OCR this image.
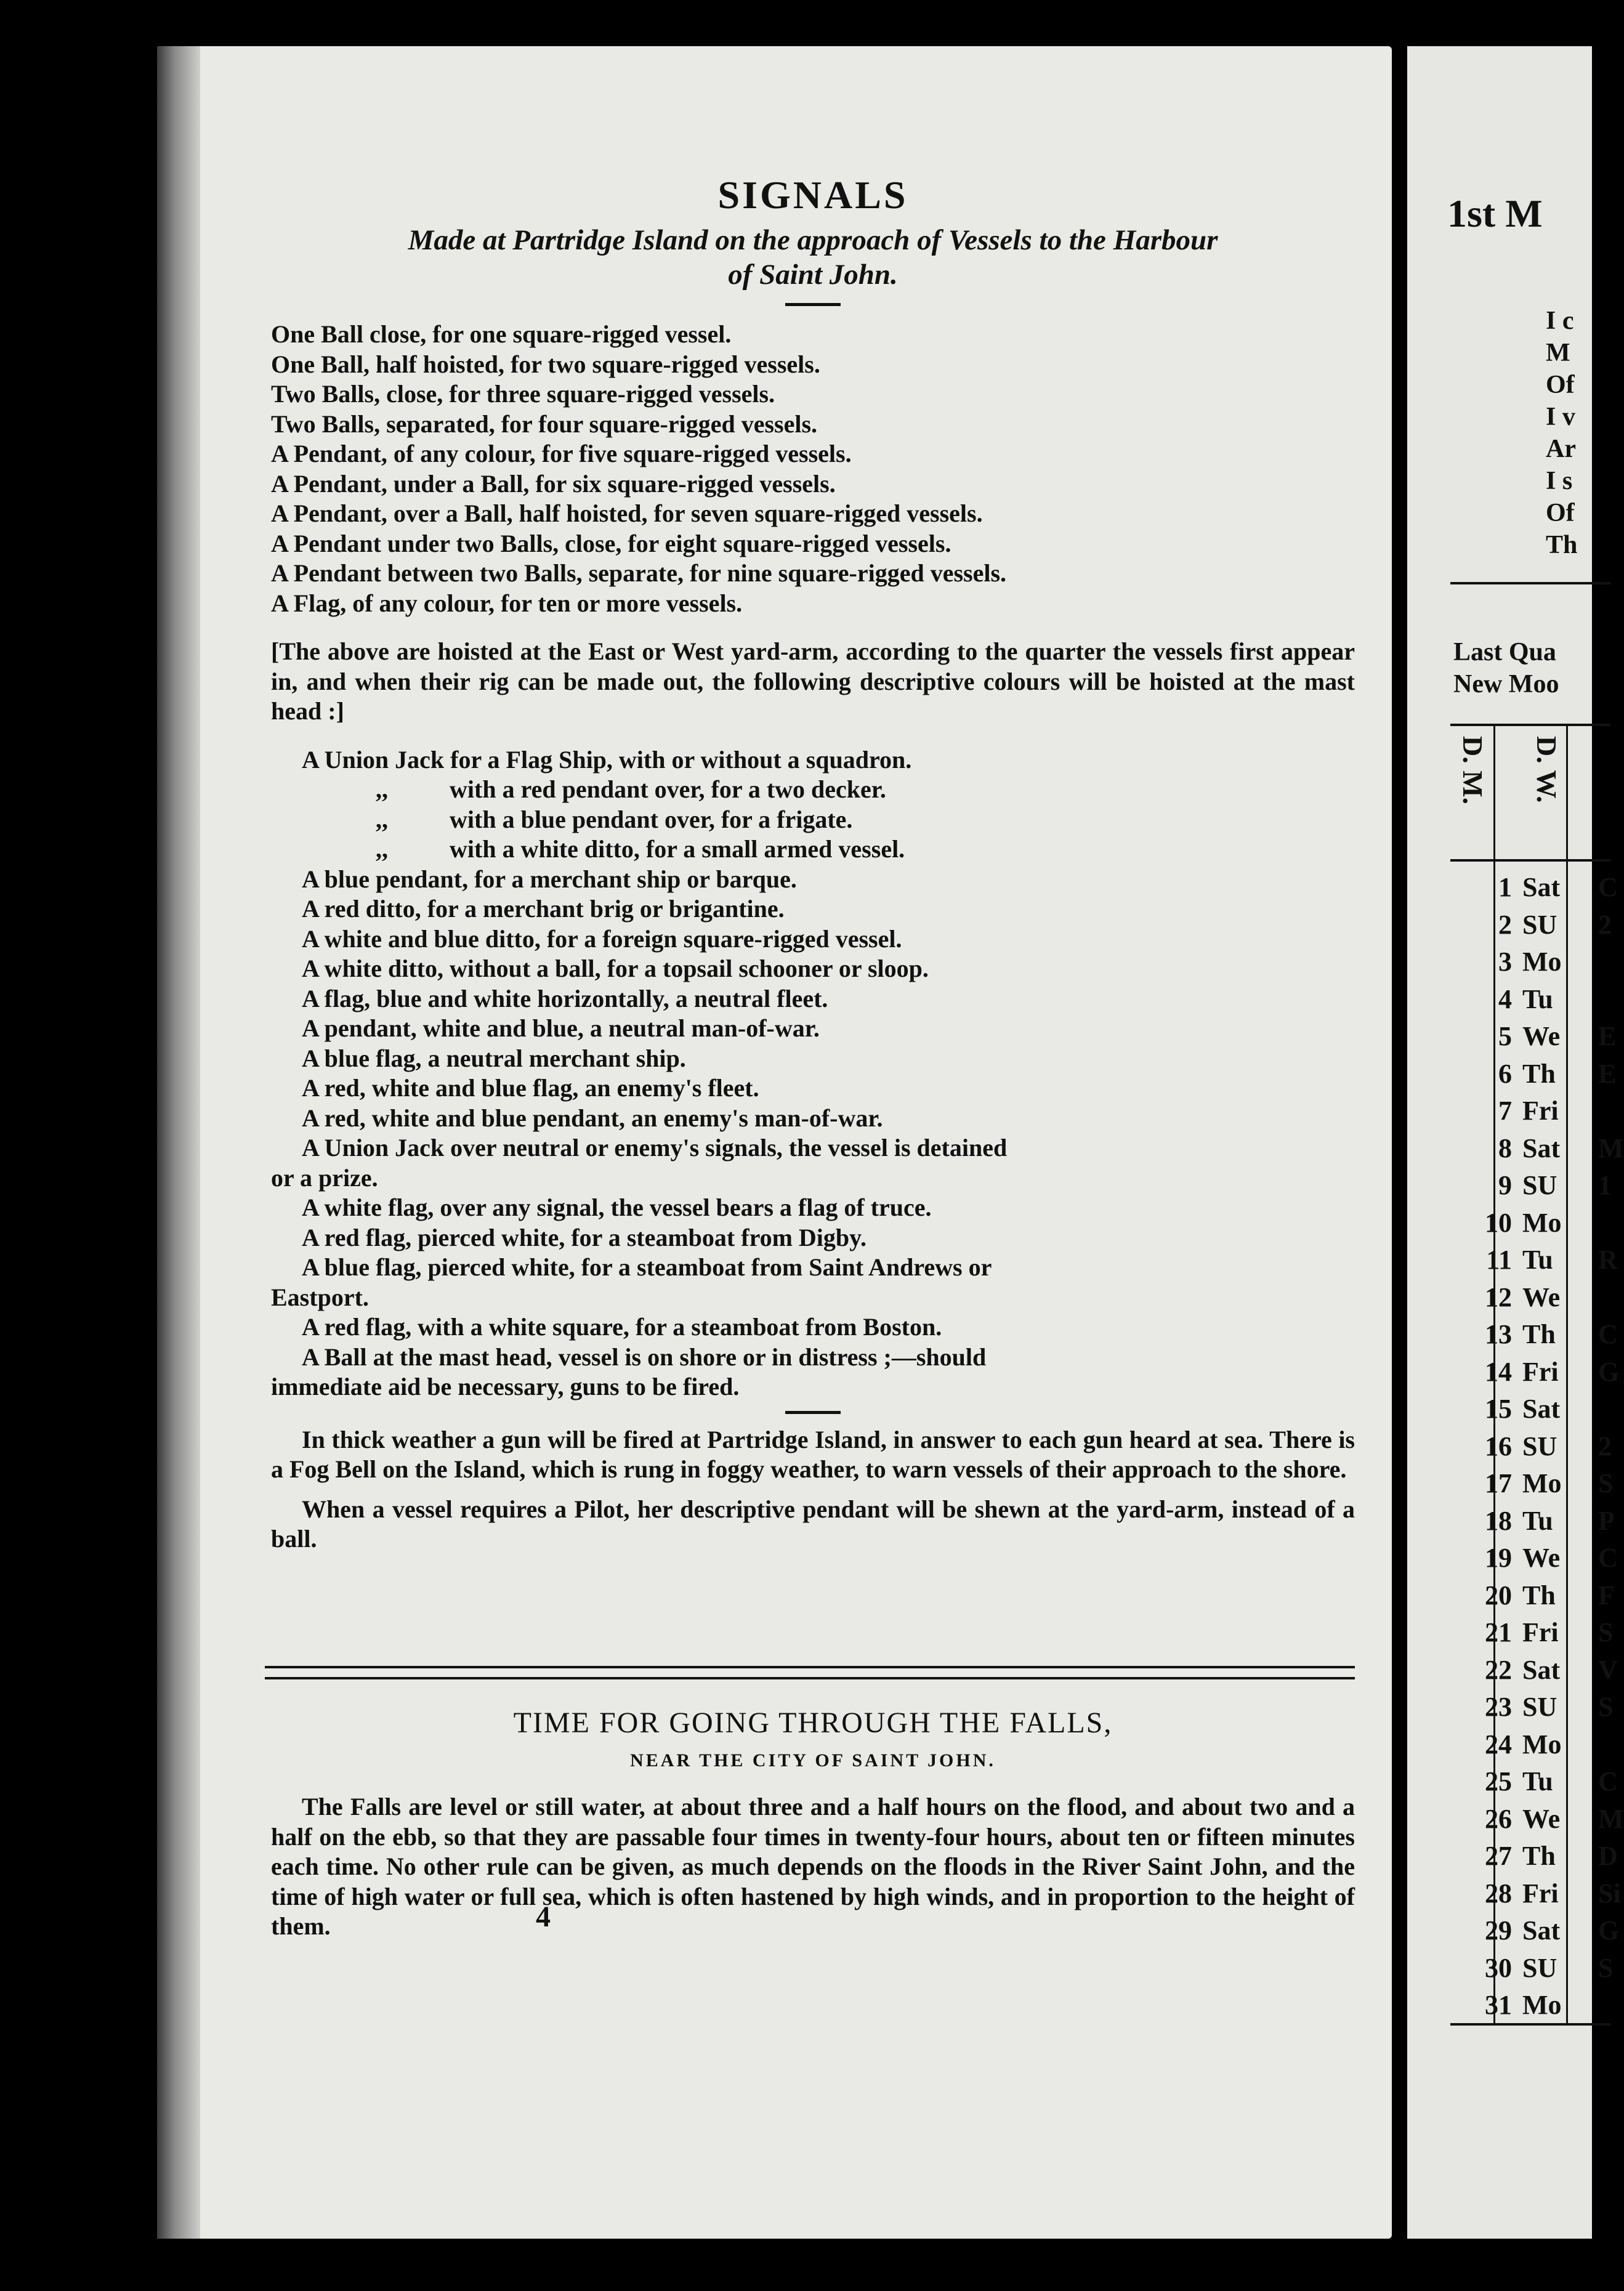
SIGNALS
Made at Partridge Island on the approach of Vessels to the Harbour
of Saint John.
One Ball close, for one square-rigged vessel.
One Ball, half hoisted, for two square-rigged vessels.
Two Balls, close, for three square-rigged vessels.
Two Balls, separated, for four square-rigged vessels.
A Pendant, of any colour, for five square-rigged vessels.
A Pendant, under a Ball, for six square-rigged vessels.
A Pendant, over a Ball, half hoisted, for seven square-rigged vessels.
A Pendant under two Balls, close, for eight square-rigged vessels.
A Pendant between two Balls, separate, for nine square-rigged vessels.
A Flag, of any colour, for ten or more vessels.

[The above are hoisted at the East or West yard-arm, according to the quarter the vessels first appear in, and when their rig can be made out, the following descriptive colours will be hoisted at the mast head :]

A Union Jack for a Flag Ship, with or without a squadron.
,,	with a red pendant over, for a two decker.
,,	with a blue pendant over, for a frigate.
,,	with a white ditto, for a small armed vessel.
A blue pendant, for a merchant ship or barque.
A red ditto, for a merchant brig or brigantine.
A white and blue ditto, for a foreign square-rigged vessel.
A white ditto, without a ball, for a topsail schooner or sloop.
A flag, blue and white horizontally, a neutral fleet.
A pendant, white and blue, a neutral man-of-war.
A blue flag, a neutral merchant ship.
A red, white and blue flag, an enemy's fleet.
A red, white and blue pendant, an enemy's man-of-war.
A Union Jack over neutral or enemy's signals, the vessel is detained
or a prize.
A white flag, over any signal, the vessel bears a flag of truce.
A red flag, pierced white, for a steamboat from Digby.
A blue flag, pierced white, for a steamboat from Saint Andrews or
Eastport.
A red flag, with a white square, for a steamboat from Boston.
A Ball at the mast head, vessel is on shore or in distress ;—should
immediate aid be necessary, guns to be fired.

In thick weather a gun will be fired at Partridge Island, in answer to each gun heard at sea. There is a Fog Bell on the Island, which is rung in foggy weather, to warn vessels of their approach to the shore.

When a vessel requires a Pilot, her descriptive pendant will be shewn at the yard-arm, instead of a ball.

TIME FOR GOING THROUGH THE FALLS,
NEAR THE CITY OF SAINT JOHN.

The Falls are level or still water, at about three and a half hours on the flood, and about two and a half on the ebb, so that they are passable four times in twenty-four hours, about ten or fifteen minutes each time. No other rule can be given, as much depends on the floods in the River Saint John, and the time of high water or full sea, which is often hastened by high winds, and in proportion to the height of them.	4
1st M
I c
M
Of
I v
Ar
I s
Of
Th
Last Qua
New Moo
D. M. D. W.
1 Sat C
2 SU 2
3 Mo
4 Tu
5 We E
6 Th E
7 Fri
8 Sat M
9 SU 1
10 Mo
11 Tu R
12 We
13 Th C
14 Fri G
15 Sat
16 SU 2
17 Mo S
18 Tu P
19 We C
20 Th F
21 Fri S
22 Sat V
23 SU S
24 Mo
25 Tu C
26 We M
27 Th D
28 Fri Si
29 Sat G
30 SU S
31 Mo
